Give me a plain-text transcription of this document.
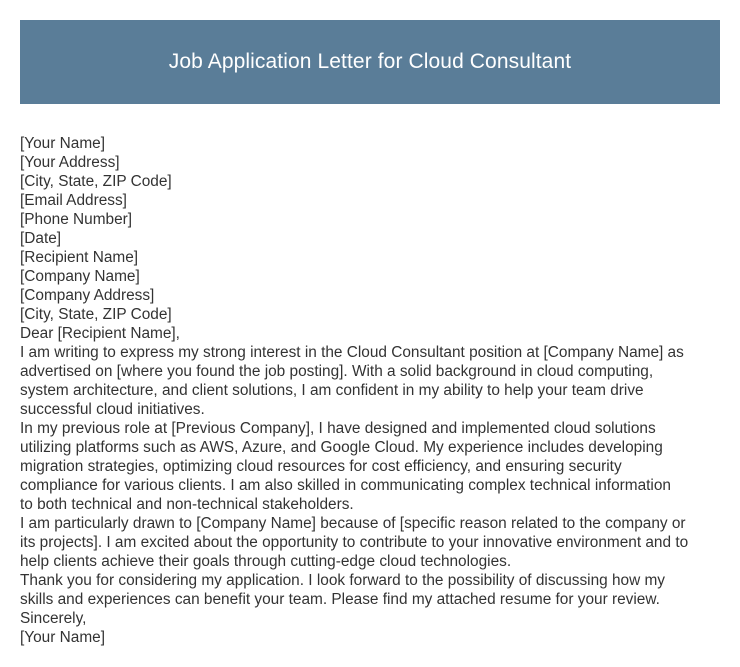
Job Application Letter for Cloud Consultant
[Your Name]
[Your Address]
[City, State, ZIP Code]
[Email Address]
[Phone Number]
[Date]
[Recipient Name]
[Company Name]
[Company Address]
[City, State, ZIP Code]
Dear [Recipient Name],
I am writing to express my strong interest in the Cloud Consultant position at [Company Name] as
advertised on [where you found the job posting]. With a solid background in cloud computing,
system architecture, and client solutions, I am confident in my ability to help your team drive
successful cloud initiatives.
In my previous role at [Previous Company], I have designed and implemented cloud solutions
utilizing platforms such as AWS, Azure, and Google Cloud. My experience includes developing
migration strategies, optimizing cloud resources for cost efficiency, and ensuring security
compliance for various clients. I am also skilled in communicating complex technical information
to both technical and non-technical stakeholders.
I am particularly drawn to [Company Name] because of [specific reason related to the company or
its projects]. I am excited about the opportunity to contribute to your innovative environment and to
help clients achieve their goals through cutting-edge cloud technologies.
Thank you for considering my application. I look forward to the possibility of discussing how my
skills and experiences can benefit your team. Please find my attached resume for your review.
Sincerely,
[Your Name]
